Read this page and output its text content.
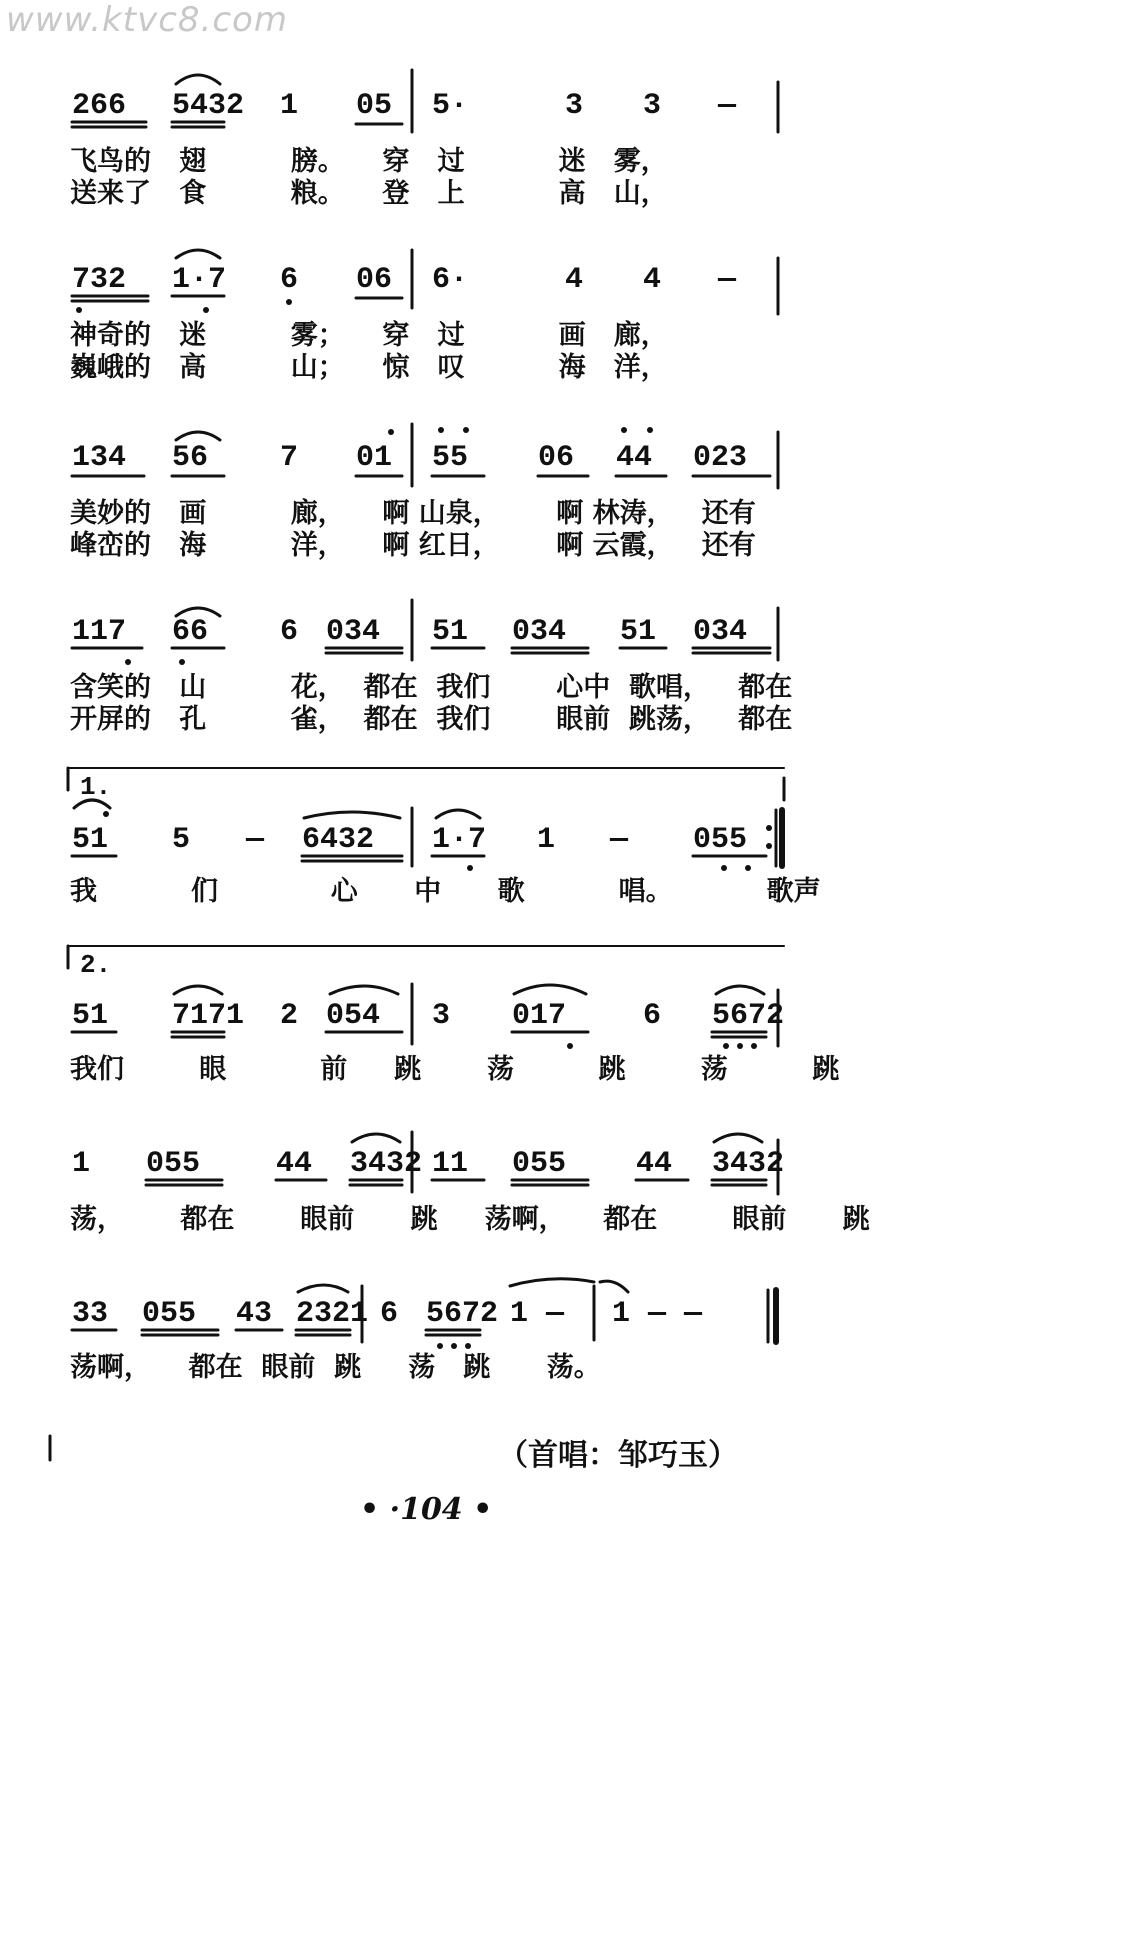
www.ktvc8.com
266 5432 1 05 5·	3 3 —
飞鸟的   翅         膀。    穿   过          迷   雾，
送来了   食         粮。    登   上          高   山，
732 1·7 6 06 6·	4 4 —
神奇的   迷         雾；    穿   过          画   廊，
巍峨的   高         山；    惊   叹          海   洋，
134 56 7 01 55 06 44 023
美妙的   画         廊，    啊 山泉，      啊 林涛，   还有
峰峦的   海         洋，    啊 红日，      啊 云霞，   还有
117 66 6 034 51 034 51 034
含笑的   山         花，  都在  我们       心中  歌唱，   都在
开屏的   孔         雀，  都在  我们       眼前  跳荡，   都在
1.
51 5 — 6432 1·7 1 — 055
我          们            心      中      歌          唱。          歌声
2.
51 7171 2 054 3 017	6 5672
我们        眼          前     跳       荡         跳        荡         跳
1 055	44 3432 11 055 44 3432
荡，      都在       眼前      跳     荡啊，    都在        眼前      跳
33 055 43 2321 6 5672 1 — 1 — —
荡啊，    都在  眼前  跳     荡   跳      荡。
（首唱：邹巧玉）
• ·104 •
